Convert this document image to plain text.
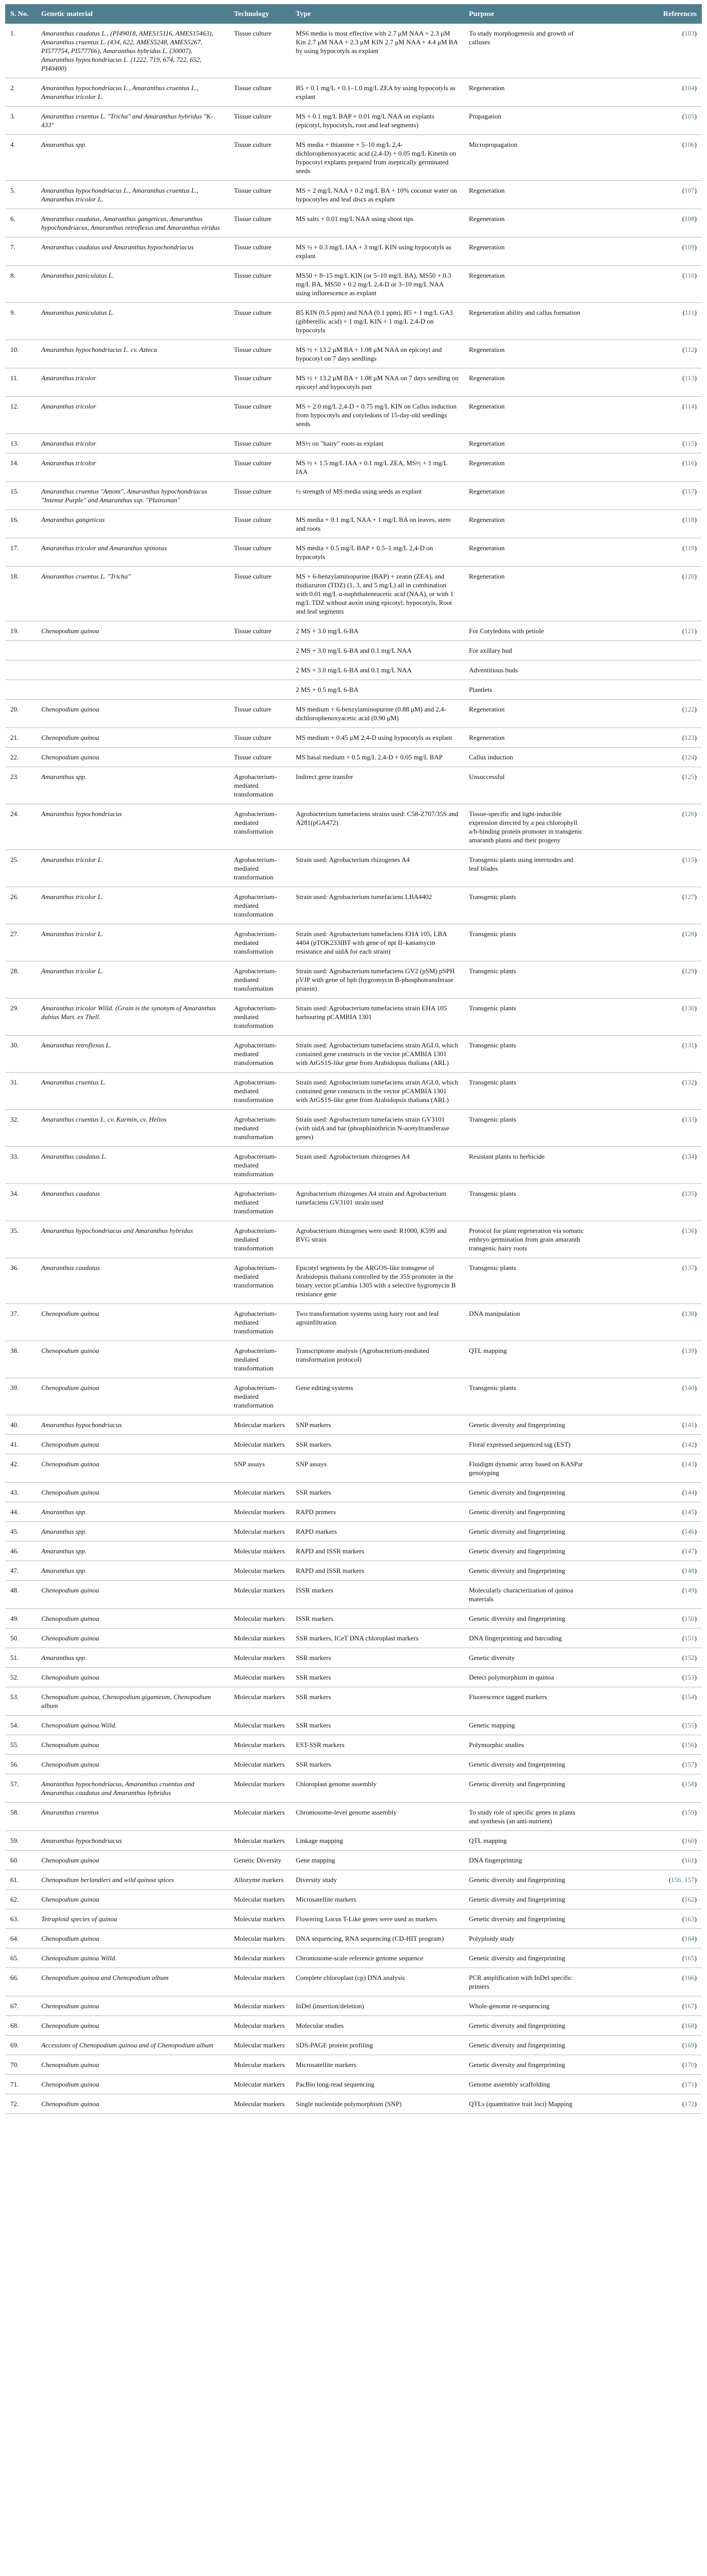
S. No.	Genetic material	Technology	Type	Purpose	References
1.	Amaranthus caudatus L., (PI49018, AMES15116, AMES15463), Amaranthus cruentus L. (434, 622, AMES5248, AMES5267, PI577754, PI577766), Amaranthus hybridus L. (30007), Amaranthus hypochondriacus L. (1222, 719, 674, 722, 652, PI40400)	Tissue culture	MS6 media is most effective with 2.7 μM NAA + 2.3 μM Kin 2.7 μM NAA + 2.3 μM KIN 2.7 μM NAA + 4.4 μM BA by using hypocotyls as explant	To study morphogenesis and growth of calluses	(103)
2.	Amaranthus hypochondriacus L., Amaranthus cruentus L., Amaranthus tricolor L.	Tissue culture	B5 + 0.1 mg/L + 0.1–1.0 mg/L ZEA by using hypocotyls as explant	Regeneration	(104)
3.	Amaranthus cruentus L. "Tricha" and Amaranthus hybridus "K-433"	Tissue culture	MS + 0.1 mg/L BAP + 0.01 mg/L NAA on explants (epicotyl, hypocotyls, root and leaf segments)	Propagation	(105)
4.	Amaranthus spp.	Tissue culture	MS media + thiamine + 5–10 mg/L 2,4-dichlorophenoxyacetic acid (2,4-D) + 0.05 mg/L Kinetin on hypocotyl explants prepared from aseptically germinated seeds	Micropropagation	(106)
5.	Amaranthus hypochondriacus L., Amaranthus cruentus L., Amaranthus tricolor L.	Tissue culture	MS + 2 mg/L NAA + 0.2 mg/L BA + 10% coconut water on hypocotyles and leaf discs as explant	Regeneration	(107)
6.	Amaranthus caudatus, Amaranthus gangeticus, Amaranthus hypochondriacus, Amaranthus retroflexus and Amaranthus viridus	Tissue culture	MS salts + 0.01 mg/L NAA using shoot tips	Regeneration	(108)
7.	Amaranthus caudatus and Amaranthus hypochondriacus	Tissue culture	MS ½ + 0.3 mg/L IAA + 3 mg/L KIN using hypocotyls as explant	Regeneration	(109)
8.	Amaranthus paniculatus L.	Tissue culture	MS50 + 8–15 mg/L KIN (or 5–10 mg/L BA), MS50 + 0.3 mg/L BA, MS50 + 0.2 mg/L 2,4-D or 3–10 mg/L NAA using inflorescence as explant	Regeneration	(110)
9.	Amaranthus paniculatus L.	Tissue culture	B5 KIN (0.5 ppm) and NAA (0.1 ppm), B5 + 1 mg/L GA3 (gibberellic acid) + 1 mg/L KIN + 1 mg/L 2,4-D on hypocotyls	Regeneration ability and callus formation	(111)
10.	Amaranthus hypochondriacus L. cv. Azteca	Tissue culture	MS ½ + 13.2 μM BA + 1.08 μM NAA on epicotyl and hypocotyl on 7 days seedlings	Regeneration	(112)
11.	Amaranthus tricolor	Tissue culture	MS ½ + 13.2 μM BA + 1.08 μM NAA on 7 days seedling on epicotyl and hypocotyls part	Regeneration	(113)
12.	Amaranthus tricolor	Tissue culture	MS + 2.0 mg/L 2,4-D + 0.75 mg/L KIN on Callus induction from hypocotyls and cotyledons of 15-day-old seedlings seeds	Regeneration	(114)
13.	Amaranthus tricolor	Tissue culture	MS½ on "hairy" roots as explant	Regeneration	(115)
14.	Amaranthus tricolor	Tissue culture	MS ½ + 1.5 mg/L IAA + 0.1 mg/L ZEA, MS½ + 1 mg/L IAA	Regeneration	(116)
15.	Amaranthus cruentus "Amont", Amaranthus hypochondriacus "Intense Purple" and Amaranthus ssp. "Plainsman"	Tissue culture	½ strength of MS media using seeds as explant	Regeneration	(117)
16.	Amaranthus gangeticus	Tissue culture	MS media + 0.1 mg/L NAA + 1 mg/L BA on leaves, stem and roots	Regeneration	(118)
17.	Amaranthus tricolor and Amaranthus spinosus	Tissue culture	MS media + 0.5 mg/L BAP + 0.5–1 mg/L 2,4-D on hypocotyls	Regeneration	(119)
18.	Amaranthus cruentus L. "Tricha"	Tissue culture	MS + 6-benzylaminopurine (BAP) + zeatin (ZEA), and thidiazuron (TDZ) (1, 3, and 5 mg/L) all in combination with 0.01 mg/L α-naphthaleneacetic acid (NAA), or with 1 mg/L TDZ without auxin using epicotyl, hypocotyls, Root and leaf segments	Regeneration	(120)
19.	Chenopodium quinoa	Tissue culture	2 MS + 3.0 mg/L 6-BA	For Cotyledons with petiole	(121)
			2 MS + 3.0 mg/L 6-BA and 0.1 mg/L NAA	For axillary bud	
			2 MS + 3.0 mg/L 6-BA and 0.1 mg/L NAA	Adventitious buds	
			2 MS + 0.5 mg/L 6-BA	Plantlets	
20.	Chenopodium quinoa	Tissue culture	MS medium + 6-benzylaminopurine (0.88 μM) and 2,4-dichlorophenoxyacetic acid (0.90 μM)	Regeneration	(122)
21.	Chenopodium quinoa	Tissue culture	MS medium + 0.45 μM 2,4-D using hypocotyls as explant	Regeneration	(123)
22.	Chenopodium quinoa	Tissue culture	MS basal medium + 0.5 mg/L 2,4-D + 0.05 mg/L BAP	Callus induction	(124)
23.	Amaranthus spp.	Agrobacterium-mediated transformation	Indirect gene transfer	Unsuccessful	(125)
24.	Amaranthus hypochondriacus	Agrobacterium-mediated transformation	Agrobacterium tumefaciens strains used: C58-Z707/35S and A281(pGA472)	Tissue-specific and light-inducible expression directed by a pea chlorophyll a/b-binding protein promoter in transgenic amaranth plants and their progeny	(126)
25.	Amaranthus tricolor L.	Agrobacterium-mediated transformation	Strain used: Agrobacterium rhizogenes A4	Transgenic plants using internodes and leaf blades	(115)
26.	Amaranthus tricolor L.	Agrobacterium-mediated transformation	Strain used: Agrobacterium tumefaciens LBA4402	Transgenic plants	(127)
27.	Amaranthus tricolor L.	Agrobacterium-mediated transformation	Strain used: Agrobacterium tumefaciens EHA 105, LBA 4404 (pTOK233IBT with gene of npt II–kanamycin resistance and uidA for each strain)	Transgenic plants	(128)
28.	Amaranthus tricolor L.	Agrobacterium-mediated transformation	Strain used: Agrobacterium tumefaciens GV2 (pSM) pSPH pVJP with gene of hph (hygromycin B-phosphotransferase protein)	Transgenic plants	(129)
29.	Amaranthus tricolor Willd. (Grain is the synonym of Amaranthus dubius Mart. ex Thell.	Agrobacterium-mediated transformation	Strain used: Agrobacterium tumefaciens strain EHA 105 harbouring pCAMBIA 1301	Transgenic plants	(130)
30.	Amaranthus retroflexus L.	Agrobacterium-mediated transformation	Strain used: Agrobacterium tumefaciens strain AGL0, which contained gene constructs in the vector pCAMBIA 1301 with AtGS1S-like gene from Arabidopsis thaliana (ARL)	Transgenic plants	(131)
31.	Amaranthus cruentus L.	Agrobacterium-mediated transformation	Strain used: Agrobacterium tumefaciens strain AGL0, which contained gene constructs in the vector pCAMBIA 1301 with AtGS1S-like gene from Arabidopsis thaliana (ARL)	Transgenic plants	(132)
32.	Amaranthus cruentus L. cv. Karmin, cv. Helios	Agrobacterium-mediated transformation	Strain used: Agrobacterium tumefaciens strain GV3101 (with uidA and bar (phosphinothricin N-acetyltransferase genes)	Transgenic plants	(133)
33.	Amaranthus caudatus L.	Agrobacterium-mediated transformation	Strain used: Agrobacterium rhizogenes A4	Resistant plants to herbicide	(134)
34.	Amaranthus caudatus	Agrobacterium-mediated transformation	Agrobacterium rhizogenes A4 strain and Agrobacterium tumefaciens GV3101 strain used	Transgenic plants	(135)
35.	Amaranthus hypochondriacus and Amaranthus hybridus	Agrobacterium-mediated transformation	Agrobacterium rhizogenes were used: R1000, K599 and BVG strain	Protocol for plant regeneration via somatic embryo germination from grain amaranth transgenic hairy roots	(136)
36.	Amaranthus caudatus	Agrobacterium-mediated transformation	Epicotyl segments by the ARGOS-like transgene of Arabidopsis thaliana controlled by the 35S promoter in the binary vector pCambia 1305 with a selective hygromycin B resistance gene	Transgenic plants	(137)
37.	Chenopodium quinoa	Agrobacterium-mediated transformation	Two transformation systems using hairy root and leaf agroinfiltration	DNA manipulation	(138)
38.	Chenopodium quinoa	Agrobacterium-mediated transformation	Transcriptome analysis (Agrobacterium-mediated transformation protocol)	QTL mapping	(139)
39.	Chenopodium quinoa	Agrobacterium-mediated transformation	Gene editing systems	Transgenic plants	(140)
40.	Amaranthus hypochondriacus	Molecular markers	SNP markers	Genetic diversity and fingerprinting	(141)
41.	Chenopodium quinoa	Molecular markers	SSR markers	Floral expressed sequenced tag (EST)	(142)
42.	Chenopodium quinoa	SNP assays	SNP assays	Fluidigm dynamic array based on KASPar genotyping	(143)
43.	Chenopodium quinoa	Molecular markers	SSR markers	Genetic diversity and fingerprinting	(144)
44.	Amaranthus spp.	Molecular markers	RAPD primers	Genetic diversity and fingerprinting	(145)
45.	Amaranthus spp.	Molecular markers	RAPD markers	Genetic diversity and fingerprinting	(146)
46.	Amaranthus spp.	Molecular markers	RAPD and ISSR markers	Genetic diversity and fingerprinting	(147)
47.	Amaranthus spp.	Molecular markers	RAPD and ISSR markers	Genetic diversity and fingerprinting	(148)
48.	Chenopodium quinoa	Molecular markers	ISSR markers	Molecularly characterization of quinoa materials	(149)
49.	Chenopodium quinoa	Molecular markers	ISSR markers	Genetic diversity and fingerprinting	(150)
50.	Chenopodium quinoa	Molecular markers	SSR markers, ICeT DNA chloroplast markers	DNA fingerprinting and barcoding	(151)
51.	Amaranthus spp.	Molecular markers	SSR markers	Genetic diversity	(152)
52.	Chenopodium quinoa	Molecular markers	SSR markers	Detect polymorphism in quinoa	(153)
53.	Chenopodium quinoa, Chenopodium giganteum, Chenopodium album	Molecular markers	SSR markers	Fluorescence tagged markers	(154)
54.	Chenopodium quinoa Willd.	Molecular markers	SSR markers	Genetic mapping	(155)
55.	Chenopodium quinoa	Molecular markers	EST-SSR markers	Polymorphic studies	(156)
56.	Chenopodium quinoa	Molecular markers	SSR markers	Genetic diversity and fingerprinting	(157)
57.	Amaranthus hypochondriacus, Amaranthus cruentus and Amaranthus caudatus and Amaranthus hybridus	Molecular markers	Chloroplast genome assembly	Genetic diversity and fingerprinting	(158)
58.	Amaranthus cruentus	Molecular markers	Chromosome-level genome assembly	To study role of specific genes in plants and synthesis (an anti-nutrient)	(159)
59.	Amaranthus hypochondriacus	Molecular markers	Linkage mapping	QTL mapping	(160)
60.	Chenopodium quinoa	Genetic Diversity	Gene mapping	DNA fingerprinting	(161)
61.	Chenopodium berlandieri and wild quinoa spices	Allozyme markers	Diversity study	Genetic diversity and fingerprinting	(156, 157)
62.	Chenopodium quinoa	Molecular markers	Microsatellite markers	Genetic diversity and fingerprinting	(162)
63.	Tetraploid species of quinoa	Molecular markers	Flowering Locus T-Like genes were used as markers	Genetic diversity and fingerprinting	(163)
64.	Chenopodium quinoa	Molecular markers	DNA sequencing, RNA sequencing (CD-HIT program)	Polyploidy study	(164)
65.	Chenopodium quinoa Willd.	Molecular markers	Chromosome-scale reference genome sequence	Genetic diversity and fingerprinting	(165)
66.	Chenopodium quinoa and Chenopodium album	Molecular markers	Complete chloroplast (cp) DNA analysis	PCR amplification with InDel specific primers	(166)
67.	Chenopodium quinoa	Molecular markers	InDel (insertion/deletion)	Whole-genome re-sequencing	(167)
68.	Chenopodium quinoa	Molecular markers	Molecular studies	Genetic diversity and fingerprinting	(168)
69.	Accessions of Chenopodium quinoa and of Chenopodium album	Molecular markers	SDS-PAGE protein profiling	Genetic diversity and fingerprinting	(169)
70.	Chenopodium quinoa	Molecular markers	Microsatellite markers	Genetic diversity and fingerprinting	(170)
71.	Chenopodium quinoa	Molecular markers	PacBio long-read sequencing	Genome assembly scaffolding	(171)
72.	Chenopodium quinoa	Molecular markers	Single nucleotide polymorphism (SNP)	QTLs (quantitative trait loci) Mapping	(172)
